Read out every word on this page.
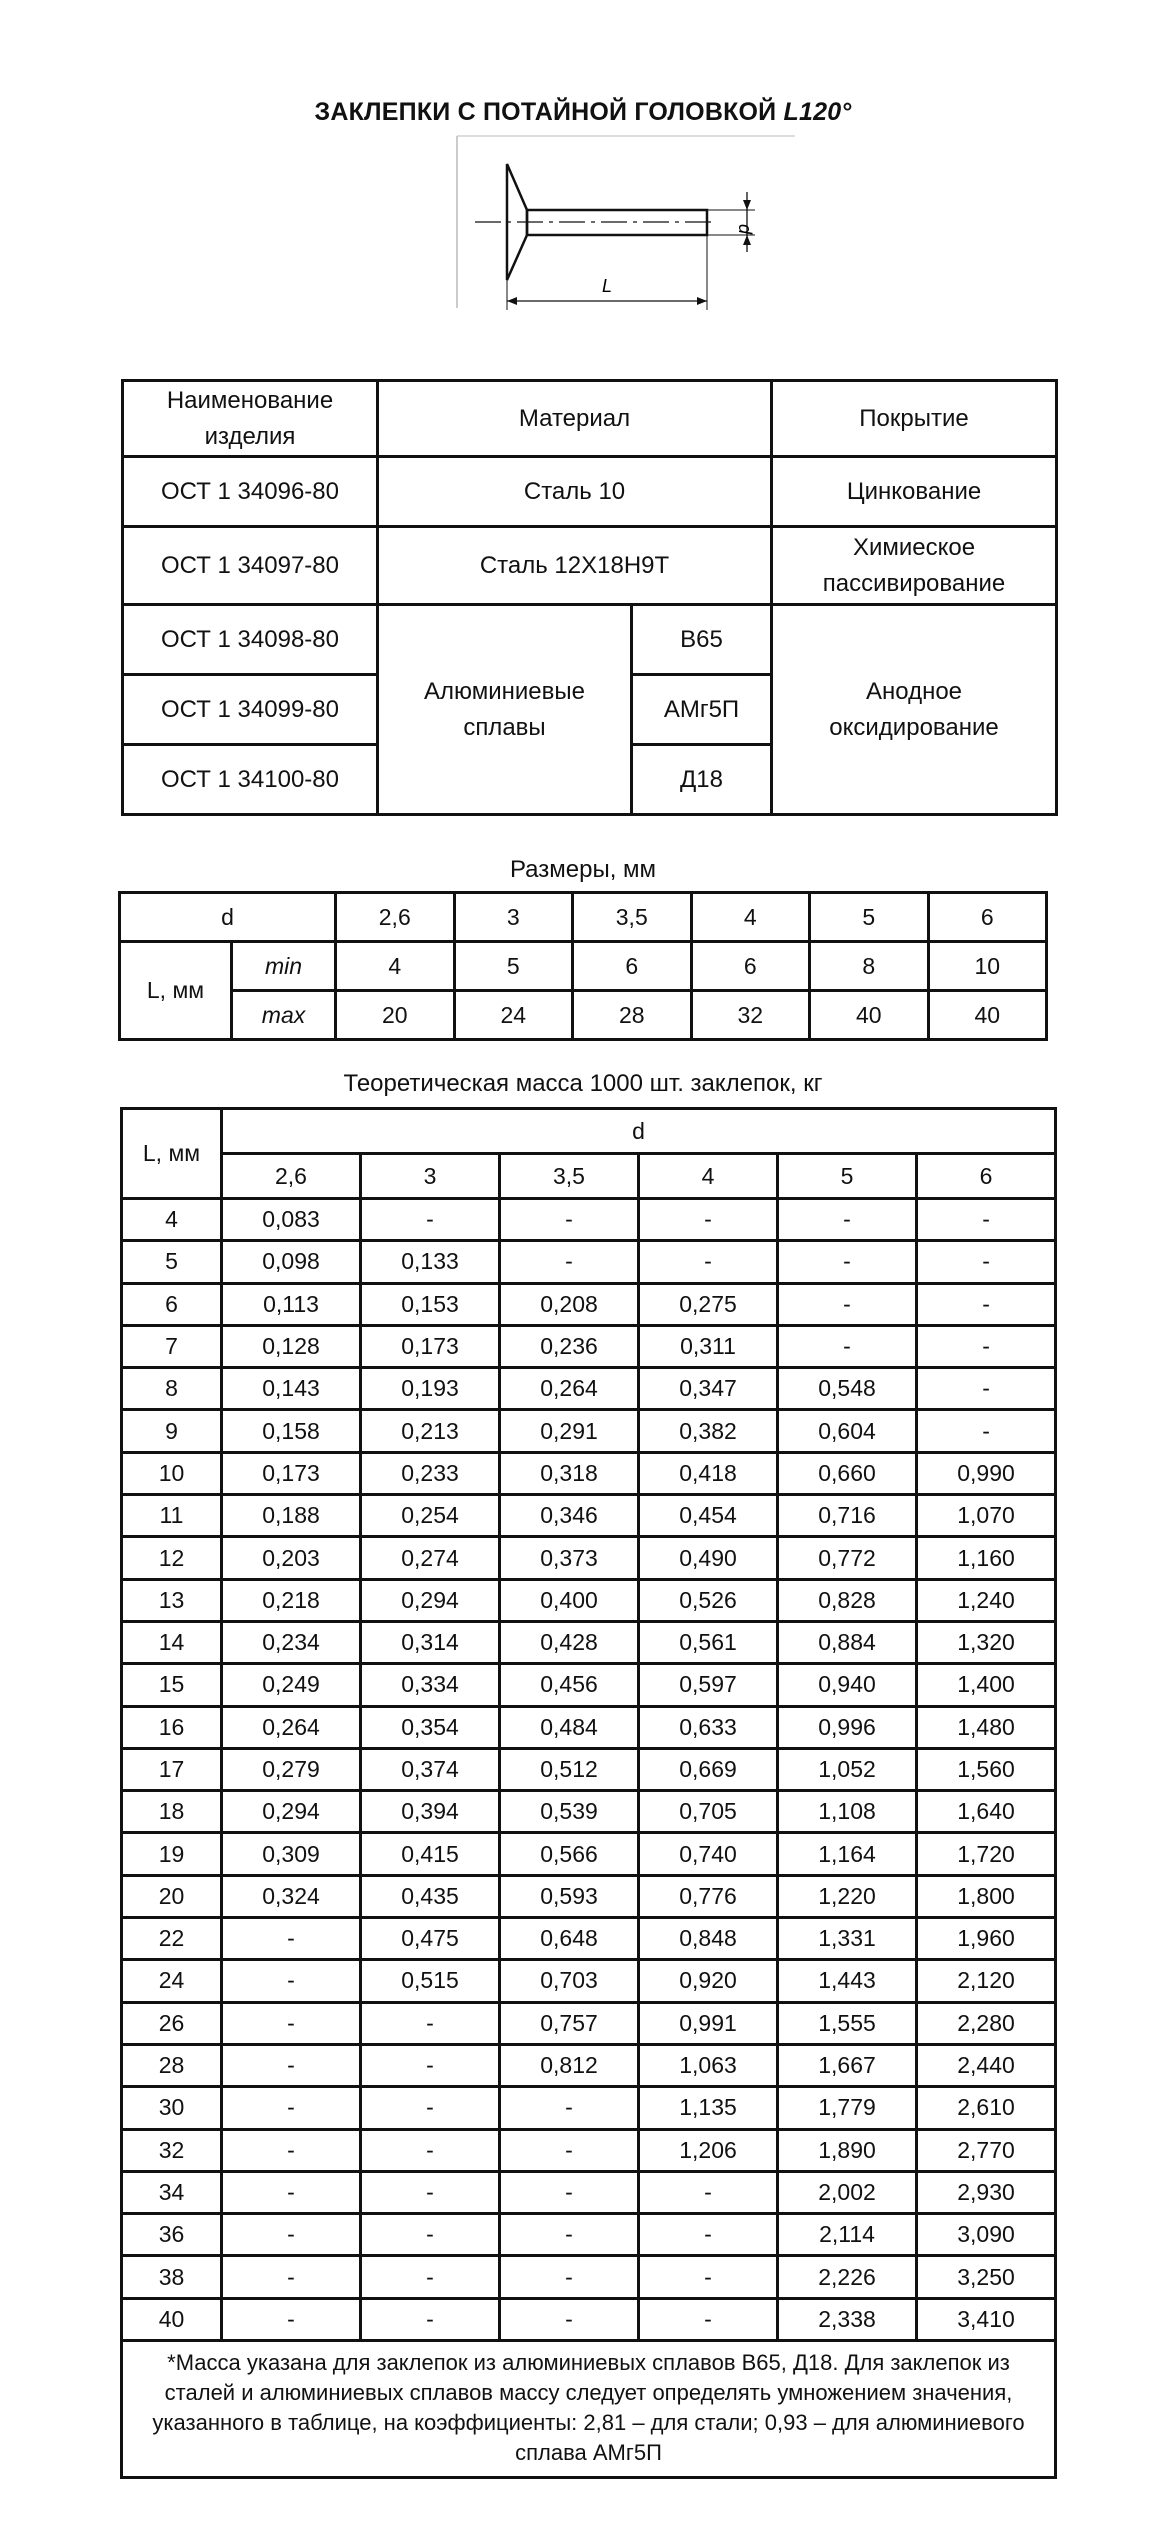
ЗАКЛЕПКИ С ПОТАЙНОЙ ГОЛОВКОЙ L120°
d
L
Наименование изделия	Материал		Покрытие
ОСТ 1 34096-80	Сталь 10		Цинкование
ОСТ 1 34097-80	Сталь 12Х18Н9Т		Химиеское пассивирование
ОСТ 1 34098-80	Алюминиевые сплавы	В65	Анодное оксидирование
ОСТ 1 34099-80		АМг5П	
ОСТ 1 34100-80		Д18	
Размеры, мм
d		2,6	3	3,5	4	5	6
L, мм	min	4	5	6	6	8	10
	max	20	24	28	32	40	40
Теоретическая масса 1000 шт. заклепок, кг
L, мм	d					
	2,6	3	3,5	4	5	6
4	0,083	-	-	-	-	-
5	0,098	0,133	-	-	-	-
6	0,113	0,153	0,208	0,275	-	-
7	0,128	0,173	0,236	0,311	-	-
8	0,143	0,193	0,264	0,347	0,548	-
9	0,158	0,213	0,291	0,382	0,604	-
10	0,173	0,233	0,318	0,418	0,660	0,990
11	0,188	0,254	0,346	0,454	0,716	1,070
12	0,203	0,274	0,373	0,490	0,772	1,160
13	0,218	0,294	0,400	0,526	0,828	1,240
14	0,234	0,314	0,428	0,561	0,884	1,320
15	0,249	0,334	0,456	0,597	0,940	1,400
16	0,264	0,354	0,484	0,633	0,996	1,480
17	0,279	0,374	0,512	0,669	1,052	1,560
18	0,294	0,394	0,539	0,705	1,108	1,640
19	0,309	0,415	0,566	0,740	1,164	1,720
20	0,324	0,435	0,593	0,776	1,220	1,800
22	-	0,475	0,648	0,848	1,331	1,960
24	-	0,515	0,703	0,920	1,443	2,120
26	-	-	0,757	0,991	1,555	2,280
28	-	-	0,812	1,063	1,667	2,440
30	-	-	-	1,135	1,779	2,610
32	-	-	-	1,206	1,890	2,770
34	-	-	-	-	2,002	2,930
36	-	-	-	-	2,114	3,090
38	-	-	-	-	2,226	3,250
40	-	-	-	-	2,338	3,410
*Масса указана для заклепок из алюминиевых сплавов В65, Д18. Для заклепок из сталей и алюминиевых сплавов массу следует определять умножением значения, указанного в таблице, на коэффициенты: 2,81 – для стали; 0,93 – для алюминиевого сплава АМг5П						
